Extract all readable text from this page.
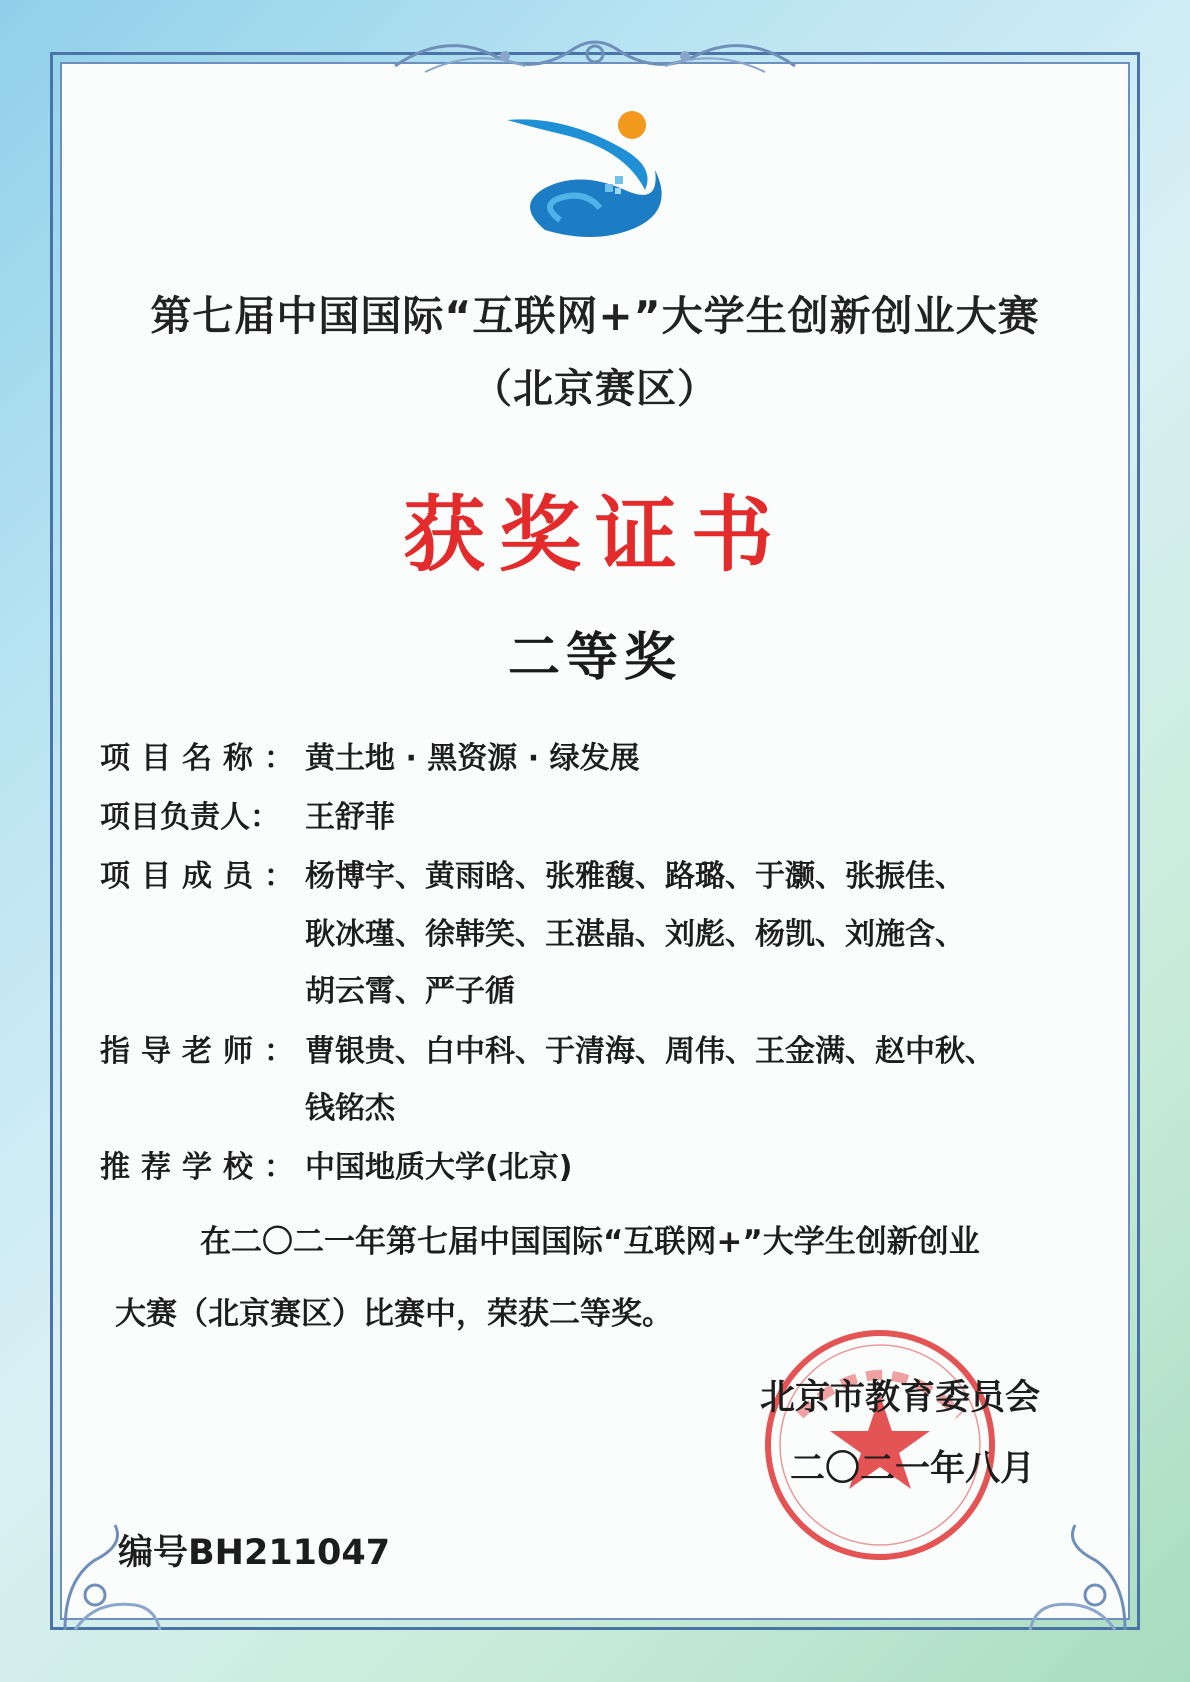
第七届中国国际“互联网+”大学生创新创业大赛
（北京赛区）
获奖证书
二等奖
项目名称： 黄土地 · 黑资源 · 绿发展
项目负责人： 王舒菲
项目成员： 杨博宇、黄雨晗、张雅馥、路璐、于灏、张振佳、
耿冰瑾、徐韩笑、王湛晶、刘彪、杨凯、刘施含、
胡云霄、严子循
指导老师： 曹银贵、白中科、于清海、周伟、王金满、赵中秋、
钱铭杰
推荐学校： 中国地质大学(北京)
在二〇二一年第七届中国国际“互联网+”大学生创新创业
大赛（北京赛区）比赛中，荣获二等奖。
北京市教育委员会
二〇二一年八月
编号BH211047
